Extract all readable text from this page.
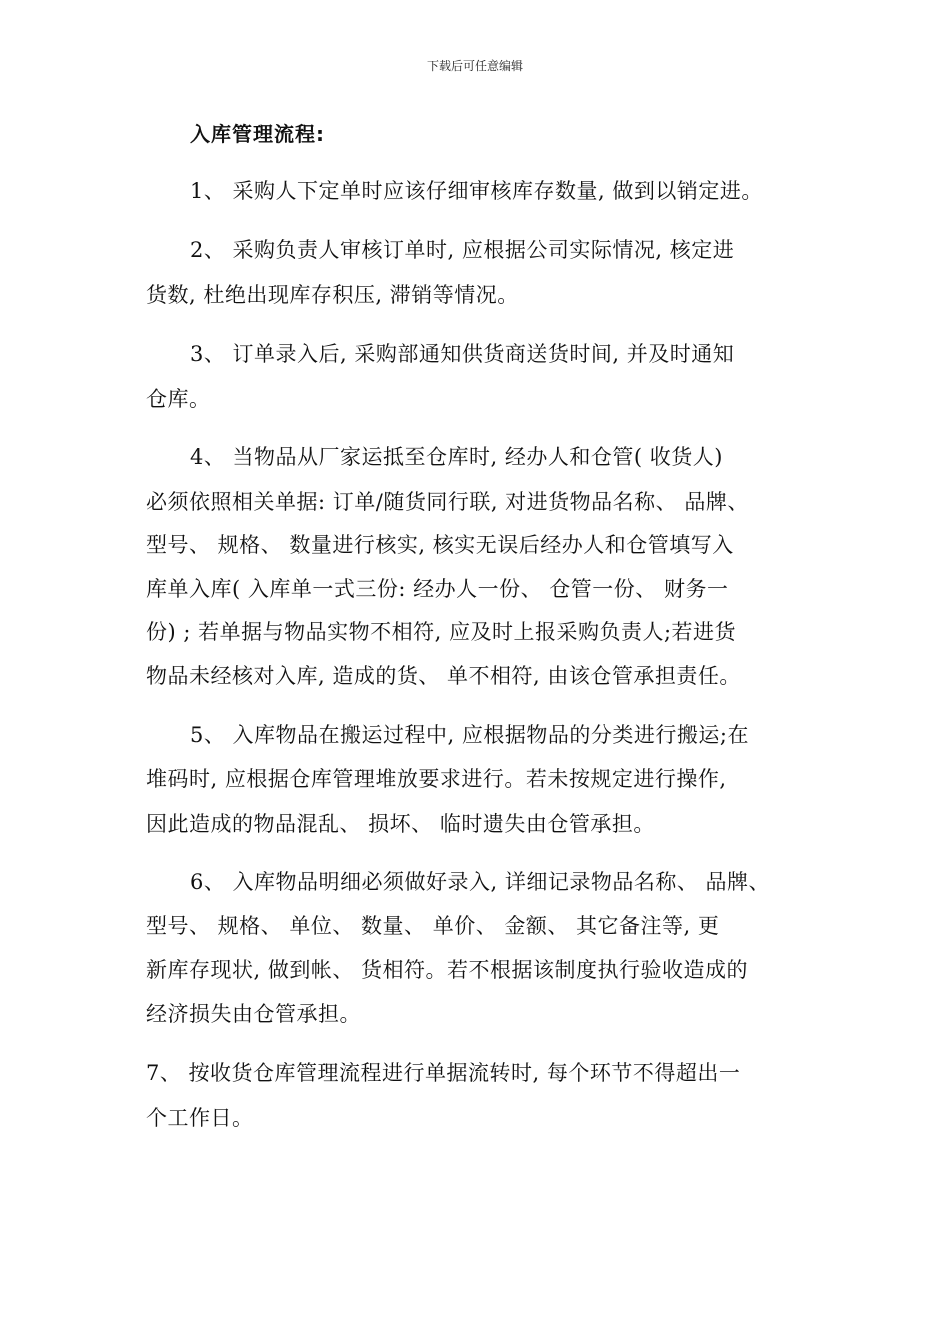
下载后可任意编辑
入库管理流程:
1、 采购人下定单时应该仔细审核库存数量, 做到以销定进。
2、 采购负责人审核订单时, 应根据公司实际情况, 核定进
货数, 杜绝出现库存积压, 滞销等情况。
3、 订单录入后, 采购部通知供货商送货时间, 并及时通知
仓库。
4、 当物品从厂家运抵至仓库时, 经办人和仓管( 收货人)
必须依照相关单据: 订单/随货同行联, 对进货物品名称、 品牌、
型号、 规格、 数量进行核实, 核实无误后经办人和仓管填写入
库单入库( 入库单一式三份: 经办人一份、 仓管一份、 财务一
份) ; 若单据与物品实物不相符, 应及时上报采购负责人;若进货
物品未经核对入库, 造成的货、 单不相符, 由该仓管承担责任。
5、 入库物品在搬运过程中, 应根据物品的分类进行搬运;在
堆码时, 应根据仓库管理堆放要求进行。若未按规定进行操作,
因此造成的物品混乱、 损坏、 临时遗失由仓管承担。
6、 入库物品明细必须做好录入, 详细记录物品名称、 品牌、
型号、 规格、 单位、 数量、 单价、 金额、 其它备注等, 更
新库存现状, 做到帐、 货相符。若不根据该制度执行验收造成的
经济损失由仓管承担。
7、 按收货仓库管理流程进行单据流转时, 每个环节不得超出一
个工作日。
